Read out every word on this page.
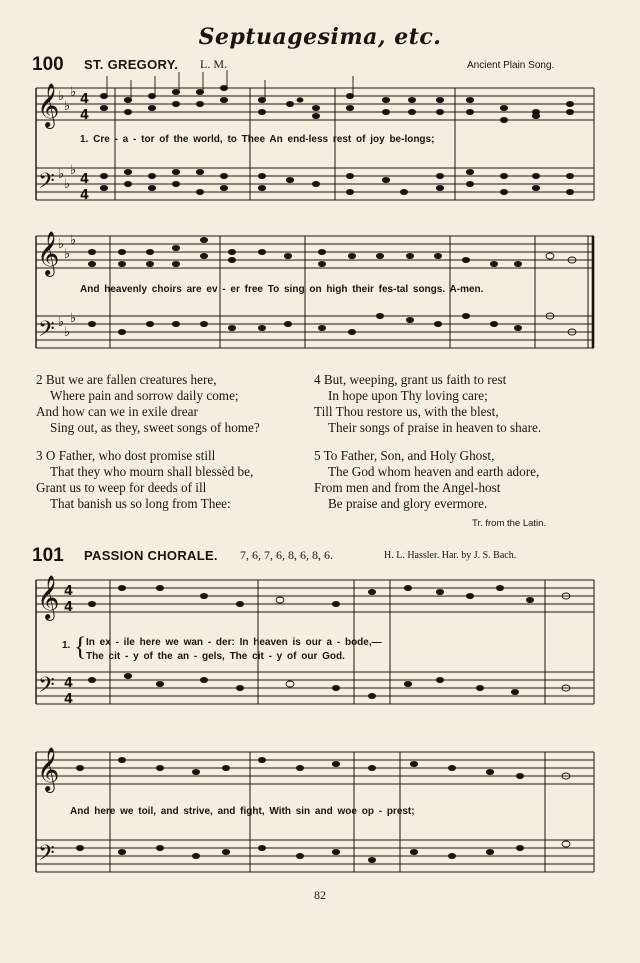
Septuagesima, etc.
100 ST. GREGORY. L. M.	Ancient Plain Song.
𝄞
𝄢
♭
♭
♭
♭
♭
♭
4
4
4
4
𝄞
𝄢
♭
♭
♭
♭
♭
♭
𝄞
𝄢
4
4
4
4
𝄞
𝄢
1. Cre - a - tor of the world, to Thee An end-less rest of joy be-longs;
And heavenly choirs are ev - er free To sing on high their fes-tal songs. A-men.
2 But we are fallen creatures here,
Where pain and sorrow daily come;
And how can we in exile drear
Sing out, as they, sweet songs of home?
3 O Father, who dost promise still
That they who mourn shall blessèd be,
Grant us to weep for deeds of ill
That banish us so long from Thee:
4 But, weeping, grant us faith to rest
In hope upon Thy loving care;
Till Thou restore us, with the blest,
Their songs of praise in heaven to share.
5 To Father, Son, and Holy Ghost,
The God whom heaven and earth adore,
From men and from the Angel-host
Be praise and glory evermore.
Tr. from the Latin.
101 PASSION CHORALE. 7, 6, 7, 6, 8, 6, 8, 6.	H. L. Hassler. Har. by J. S. Bach.
1. { In ex - ile here we wan - der: In heaven is our a - bode,—
The cit - y of the an - gels, The cit - y of our God.
And here we toil, and strive, and fight, With sin and woe op - prest;
82
